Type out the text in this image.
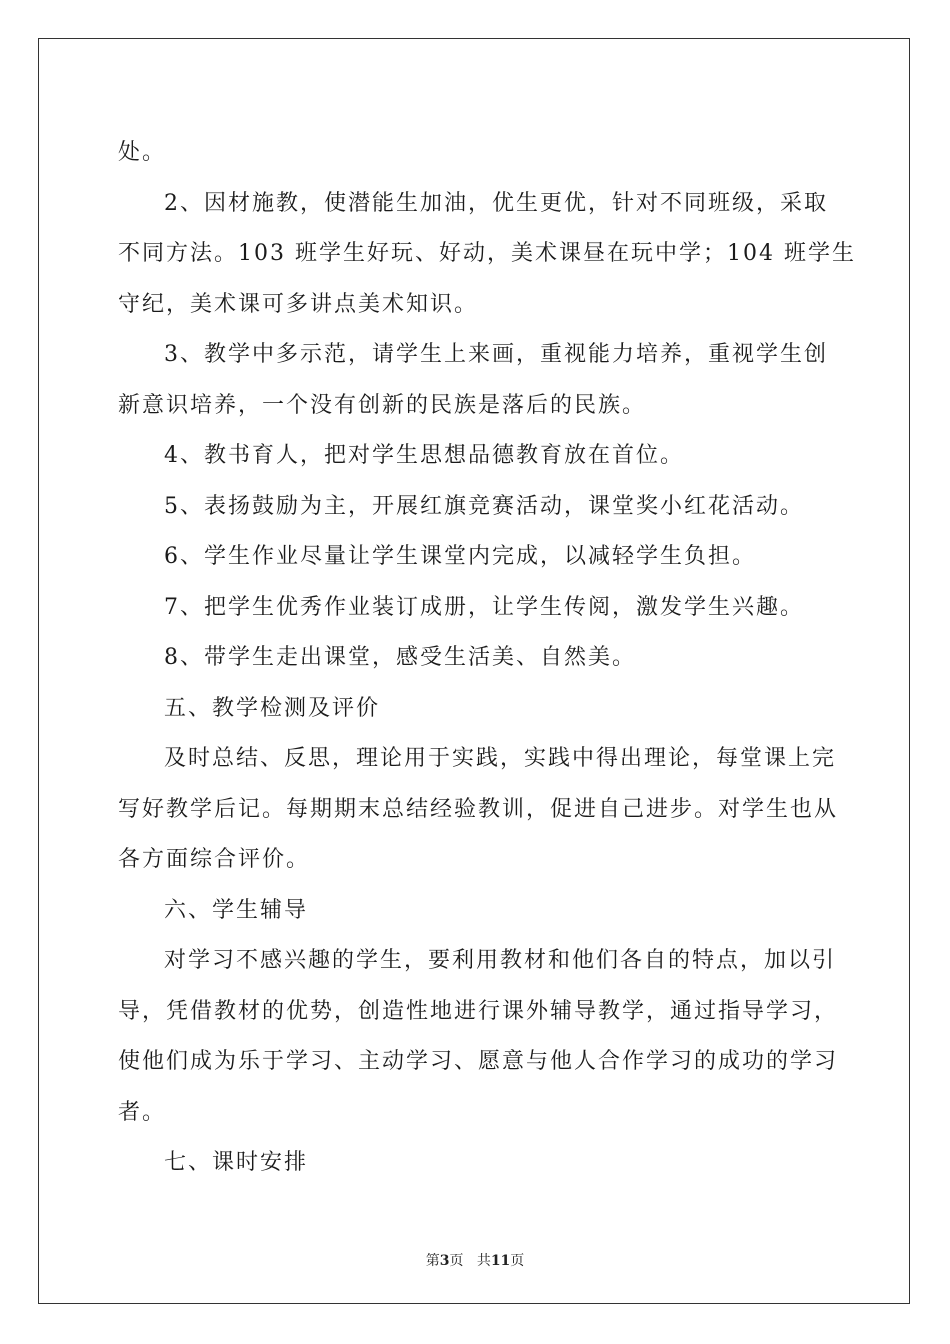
处。
2、因材施教，使潜能生加油，优生更优，针对不同班级，采取
不同方法。103 班学生好玩、好动，美术课昼在玩中学；104 班学生
守纪，美术课可多讲点美术知识。
3、教学中多示范，请学生上来画，重视能力培养，重视学生创
新意识培养，一个没有创新的民族是落后的民族。
4、教书育人，把对学生思想品德教育放在首位。
5、表扬鼓励为主，开展红旗竞赛活动，课堂奖小红花活动。
6、学生作业尽量让学生课堂内完成，以减轻学生负担。
7、把学生优秀作业装订成册，让学生传阅，激发学生兴趣。
8、带学生走出课堂，感受生活美、自然美。
五、教学检测及评价
及时总结、反思，理论用于实践，实践中得出理论，每堂课上完
写好教学后记。每期期末总结经验教训，促进自己进步。对学生也从
各方面综合评价。
六、学生辅导
对学习不感兴趣的学生，要利用教材和他们各自的特点，加以引
导，凭借教材的优势，创造性地进行课外辅导教学，通过指导学习，
使他们成为乐于学习、主动学习、愿意与他人合作学习的成功的学习
者。
七、课时安排
第3页 共11页
